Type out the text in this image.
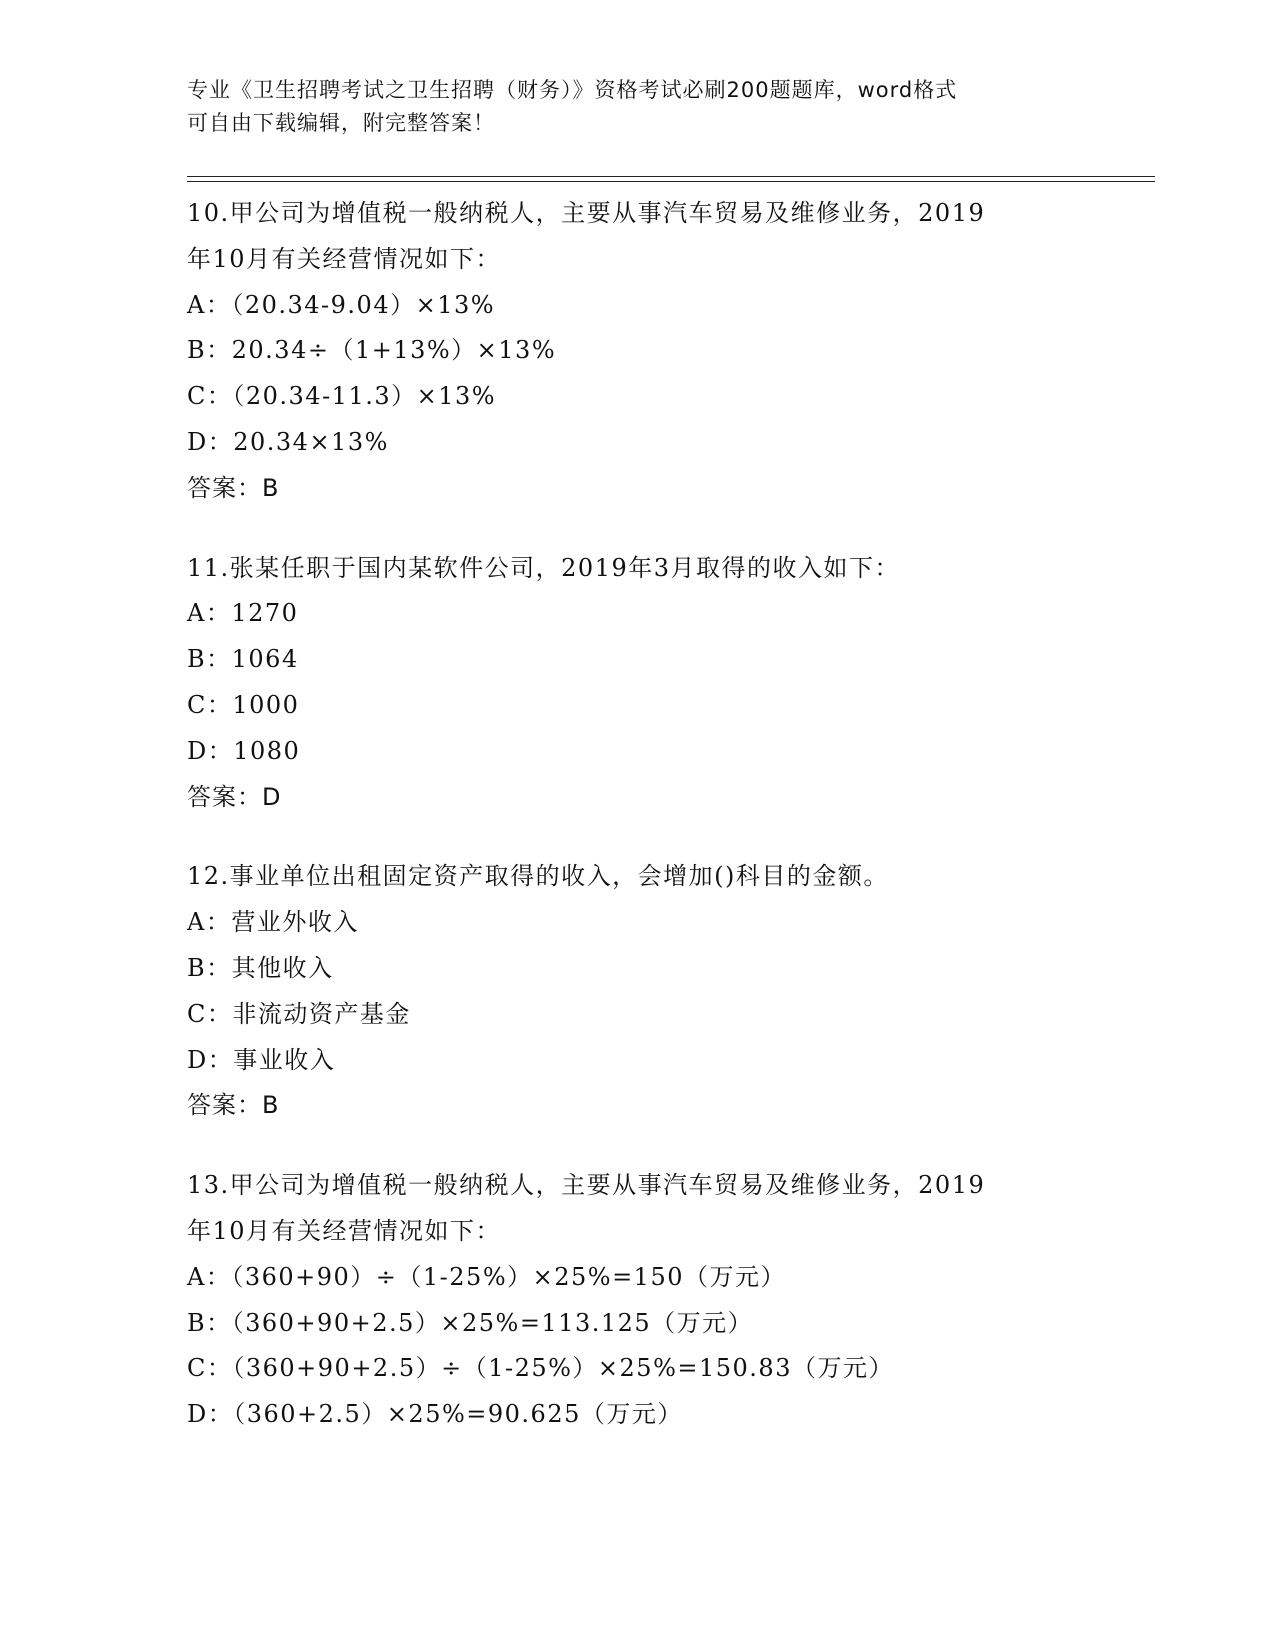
专业《卫生招聘考试之卫生招聘（财务）》资格考试必刷200题题库，word格式
可自由下载编辑，附完整答案！
10.甲公司为增值税一般纳税人，主要从事汽车贸易及维修业务，2019
年10月有关经营情况如下：
A：（20.34-9.04）×13%
B：20.34÷（1+13%）×13%
C：（20.34-11.3）×13%
D：20.34×13%
答案：B
11.张某任职于国内某软件公司，2019年3月取得的收入如下：
A：1270
B：1064
C：1000
D：1080
答案：D
12.事业单位出租固定资产取得的收入，会增加()科目的金额。
A：营业外收入
B：其他收入
C：非流动资产基金
D：事业收入
答案：B
13.甲公司为增值税一般纳税人，主要从事汽车贸易及维修业务，2019
年10月有关经营情况如下：
A：（360+90）÷（1-25%）×25%=150（万元）
B：（360+90+2.5）×25%=113.125（万元）
C：（360+90+2.5）÷（1-25%）×25%=150.83（万元）
D：（360+2.5）×25%=90.625（万元）
